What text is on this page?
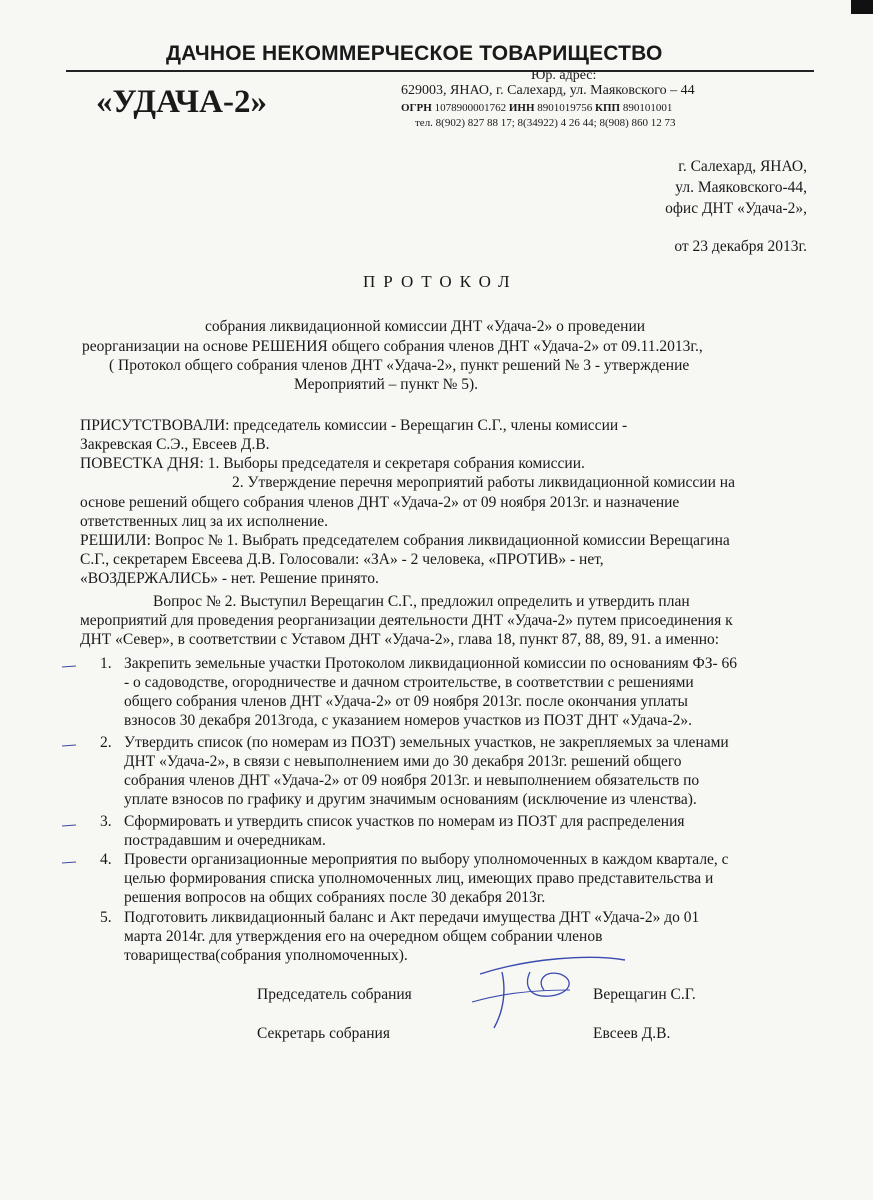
ДАЧНОЕ НЕКОММЕРЧЕСКОЕ ТОВАРИЩЕСТВО
«УДАЧА-2»
Юр. адрес:
629003, ЯНАО, г. Салехард, ул. Маяковского – 44
ОГРН 1078900001762 ИНН 8901019756 КПП 890101001
тел. 8(902) 827 88 17; 8(34922) 4 26 44; 8(908) 860 12 73
г. Салехард, ЯНАО,
ул. Маяковского-44,
офис ДНТ «Удача-2»,
от 23 декабря 2013г.
ПРОТОКОЛ
собрания ликвидационной комиссии ДНТ «Удача-2» о проведении
реорганизации на основе РЕШЕНИЯ общего собрания членов ДНТ «Удача-2» от 09.11.2013г.,
( Протокол общего собрания членов ДНТ «Удача-2», пункт решений № 3 - утверждение
Мероприятий – пункт № 5).
ПРИСУТСТВОВАЛИ: председатель комиссии - Верещагин С.Г., члены комиссии -
Закревская С.Э., Евсеев Д.В.
ПОВЕСТКА ДНЯ: 1. Выборы председателя и секретаря собрания комиссии.
2. Утверждение перечня мероприятий работы ликвидационной комиссии на
основе решений общего собрания членов ДНТ «Удача-2» от 09 ноября 2013г. и назначение
ответственных лиц за их исполнение.
РЕШИЛИ: Вопрос № 1. Выбрать председателем собрания ликвидационной комиссии Верещагина
С.Г., секретарем Евсеева Д.В. Голосовали: «ЗА» - 2 человека, «ПРОТИВ» - нет,
«ВОЗДЕРЖАЛИСЬ» - нет. Решение принято.
Вопрос № 2. Выступил Верещагин С.Г., предложил определить и утвердить план
мероприятий для проведения реорганизации деятельности ДНТ «Удача-2» путем присоединения к
ДНТ «Север», в соответствии с Уставом ДНТ «Удача-2», глава 18, пункт 87, 88, 89, 91. а именно:
1. Закрепить земельные участки Протоколом ликвидационной комиссии по основаниям ФЗ- 66
- о садоводстве, огородничестве и дачном строительстве, в соответствии с решениями
общего собрания членов ДНТ «Удача-2» от 09 ноября 2013г. после окончания уплаты
взносов 30 декабря 2013года, с указанием номеров участков из ПОЗТ ДНТ «Удача-2».
2. Утвердить список (по номерам из ПОЗТ) земельных участков, не закрепляемых за членами
ДНТ «Удача-2», в связи с невыполнением ими до 30 декабря 2013г. решений общего
собрания членов ДНТ «Удача-2» от 09 ноября 2013г. и невыполнением обязательств по
уплате взносов по графику и другим значимым основаниям (исключение из членства).
3. Сформировать и утвердить список участков по номерам из ПОЗТ для распределения
пострадавшим и очередникам.
4. Провести организационные мероприятия по выбору уполномоченных в каждом квартале, с
целью формирования списка уполномоченных лиц, имеющих право представительства и
решения вопросов на общих собраниях после 30 декабря 2013г.
5. Подготовить ликвидационный баланс и Акт передачи имущества ДНТ «Удача-2» до 01
марта 2014г. для утверждения его на очередном общем собрании членов
товарищества(собрания уполномоченных).
Председатель собрания	Верещагин С.Г.
Секретарь собрания	Евсеев Д.В.
